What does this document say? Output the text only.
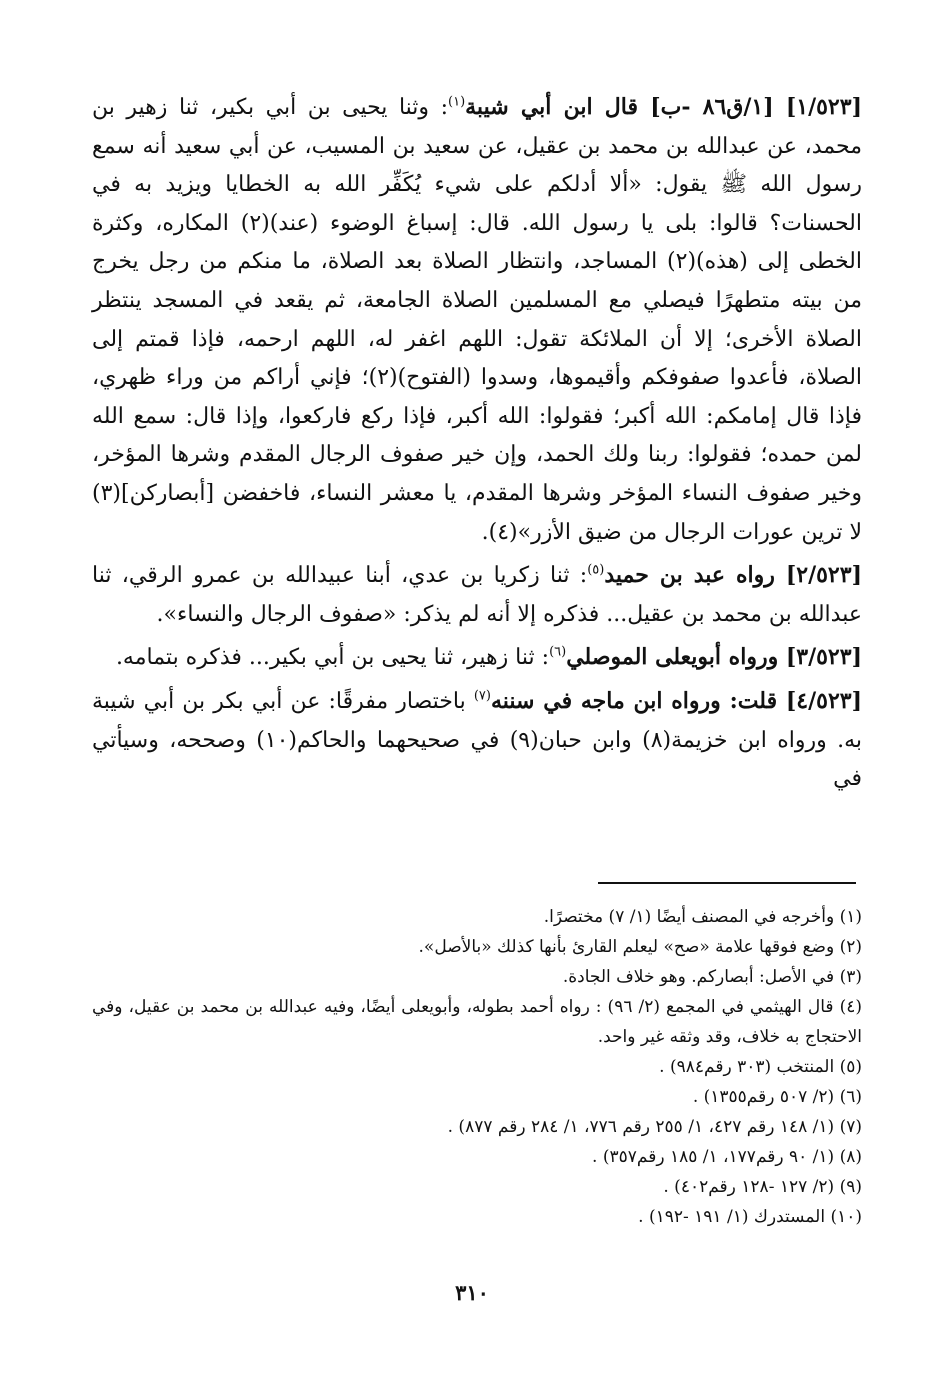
[١/٥٢٣] [١/ق٨٦ -ب] قال ابن أبي شيبة$^{(١)}$: وثنا يحيى بن أبي بكير، ثنا زهير بن محمد، عن عبدالله بن محمد بن عقيل، عن سعيد بن المسيب، عن أبي سعيد أنه سمع رسول الله ﷺ يقول: «ألا أدلكم على شيء يُكَفِّر الله به الخطايا ويزيد به في الحسنات؟ قالوا: بلى يا رسول الله. قال: إسباغ الوضوء (عند)(٢) المكاره، وكثرة الخطى إلى (هذه)(٢) المساجد، وانتظار الصلاة بعد الصلاة، ما منكم من رجل يخرج من بيته متطهرًا فيصلي مع المسلمين الصلاة الجامعة، ثم يقعد في المسجد ينتظر الصلاة الأخرى؛ إلا أن الملائكة تقول: اللهم اغفر له، اللهم ارحمه، فإذا قمتم إلى الصلاة، فأعدوا صفوفكم وأقيموها، وسدوا (الفتوح)(٢)؛ فإني أراكم من وراء ظهري، فإذا قال إمامكم: الله أكبر؛ فقولوا: الله أكبر، فإذا ركع فاركعوا، وإذا قال: سمع الله لمن حمده؛ فقولوا: ربنا ولك الحمد، وإن خير صفوف الرجال المقدم وشرها المؤخر، وخير صفوف النساء المؤخر وشرها المقدم، يا معشر النساء، فاخفضن [أبصاركن](٣) لا ترين عورات الرجال من ضيق الأزر»(٤).

[٢/٥٢٣] رواه عبد بن حميد$^{(٥)}$: ثنا زكريا بن عدي، أبنا عبيدالله بن عمرو الرقي، ثنا عبدالله بن محمد بن عقيل... فذكره إلا أنه لم يذكر: «صفوف الرجال والنساء».

[٣/٥٢٣] ورواه أبويعلى الموصلي$^{(٦)}$: ثنا زهير، ثنا يحيى بن أبي بكير... فذكره بتمامه.

[٤/٥٢٣] قلت: ورواه ابن ماجه في سننه$^{(٧)}$ باختصار مفرقًا: عن أبي بكر بن أبي شيبة به. ورواه ابن خزيمة(٨) وابن حبان(٩) في صحيحهما والحاكم(١٠) وصححه، وسيأتي في

(١) وأخرجه في المصنف أيضًا (١/ ٧) مختصرًا.

(٢) وضع فوقها علامة «صح» ليعلم القارئ بأنها كذلك «بالأصل».

(٣) في الأصل: أبصاركم. وهو خلاف الجادة.

(٤) قال الهيثمي في المجمع (٢/ ٩٦) : رواه أحمد بطوله، وأبويعلى أيضًا، وفيه عبدالله بن محمد بن عقيل، وفي الاحتجاج به خلاف، وقد وثقه غير واحد.

(٥) المنتخب (٣٠٣ رقم٩٨٤) .

(٦) (٢/ ٥٠٧ رقم١٣٥٥) .

(٧) (١/ ١٤٨ رقم ٤٢٧، ١/ ٢٥٥ رقم ٧٧٦، ١/ ٢٨٤ رقم ٨٧٧) .

(٨) (١/ ٩٠ رقم١٧٧، ١/ ١٨٥ رقم٣٥٧) .

(٩) (٢/ ١٢٧ -١٢٨ رقم٤٠٢) .

(١٠) المستدرك (١/ ١٩١ -١٩٢) .

٣١٠
